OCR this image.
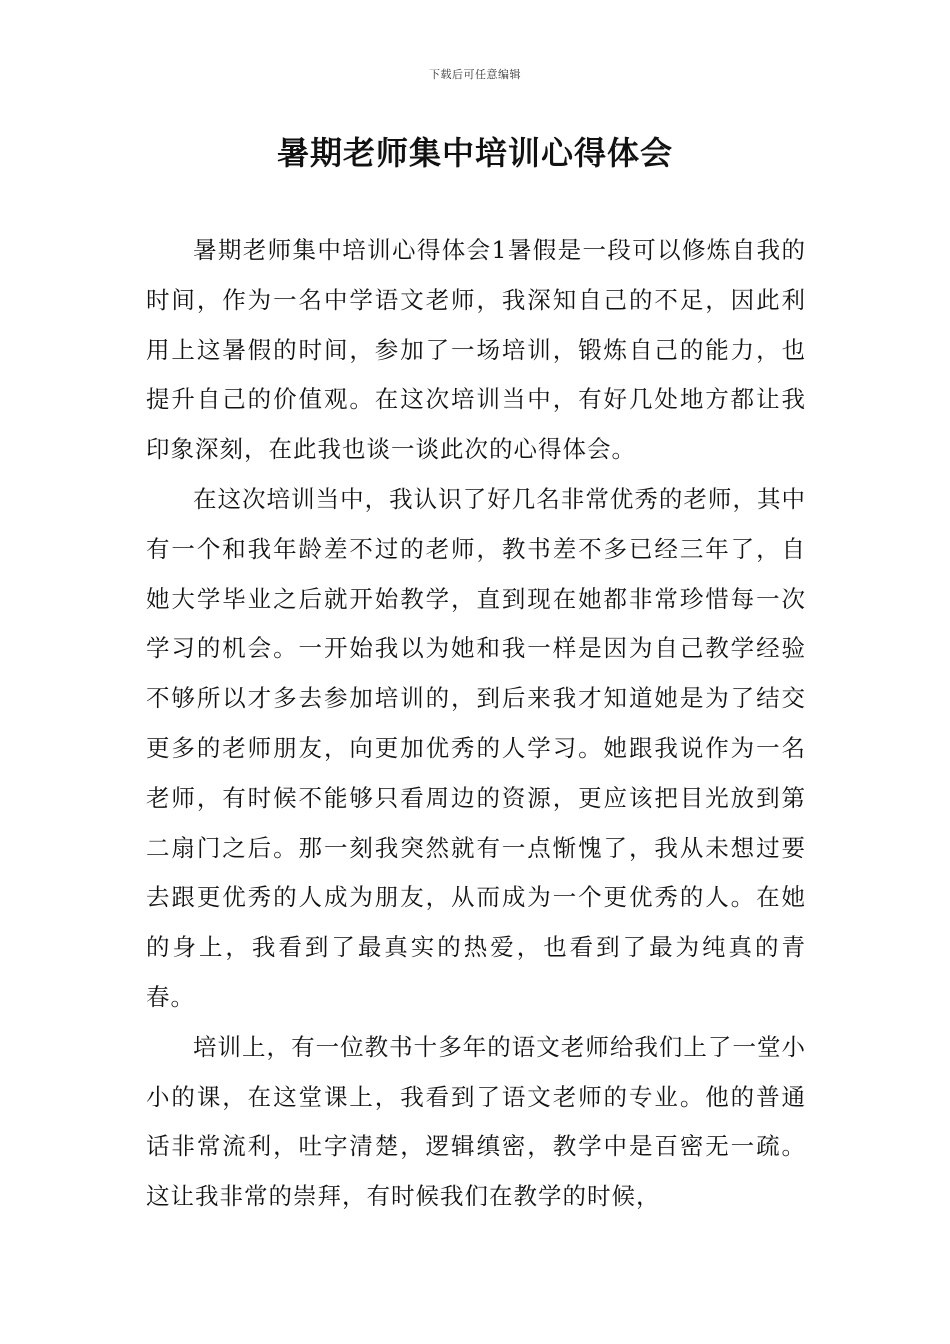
下载后可任意编辑
暑期老师集中培训心得体会

暑期老师集中培训心得体会1暑假是一段可以修炼自我的时间，作为一名中学语文老师，我深知自己的不足，因此利用上这暑假的时间，参加了一场培训，锻炼自己的能力，也提升自己的价值观。在这次培训当中，有好几处地方都让我印象深刻，在此我也谈一谈此次的心得体会。

在这次培训当中，我认识了好几名非常优秀的老师，其中有一个和我年龄差不过的老师，教书差不多已经三年了，自她大学毕业之后就开始教学，直到现在她都非常珍惜每一次学习的机会。一开始我以为她和我一样是因为自己教学经验不够所以才多去参加培训的，到后来我才知道她是为了结交更多的老师朋友，向更加优秀的人学习。她跟我说作为一名老师，有时候不能够只看周边的资源，更应该把目光放到第二扇门之后。那一刻我突然就有一点惭愧了，我从未想过要去跟更优秀的人成为朋友，从而成为一个更优秀的人。在她的身上，我看到了最真实的热爱，也看到了最为纯真的青春。

培训上，有一位教书十多年的语文老师给我们上了一堂小小的课，在这堂课上，我看到了语文老师的专业。他的普通话非常流利，吐字清楚，逻辑缜密，教学中是百密无一疏。这让我非常的崇拜，有时候我们在教学的时候，
